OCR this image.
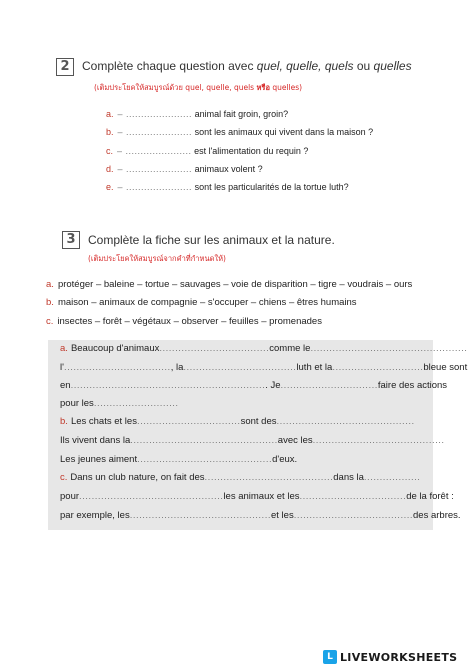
2	Complète chaque question avec quel, quelle, quels ou quelles
(เติมประโยคให้สมบูรณ์ด้วย quel, quelle, quels หรือ quelles)
a. – ...................... animal fait groin, groin?
b. – ...................... sont les animaux qui vivent dans la maison ?
c. – ...................... est l'alimentation du requin ?
d. – ...................... animaux volent ?
e. – ...................... sont les particularités de la tortue luth?
3	Complète la fiche sur les animaux et la nature.
(เติมประโยคให้สมบูรณ์จากคำที่กำหนดให้)
a. protéger – baleine – tortue – sauvages – voie de disparition – tigre – voudrais – ours
b. maison – animaux de compagnie – s'occuper – chiens – êtres humains
c. insectes – forêt – végétaux – observer – feuilles – promenades
a. Beaucoup d'animaux...................................comme le..................................................
l'.................................., la....................................luth et la.............................bleue sont
en............................................................... Je...............................faire des actions
pour les...........................
b. Les chats et les.................................sont des............................................
Ils vivent dans la...............................................avec les..........................................
Les jeunes aiment...........................................d'eux.
c. Dans un club nature, on fait des.........................................dans la..................
pour..............................................les animaux et les..................................de la forêt :
par exemple, les.............................................et les......................................des arbres.
L LIVEWORKSHEETS
